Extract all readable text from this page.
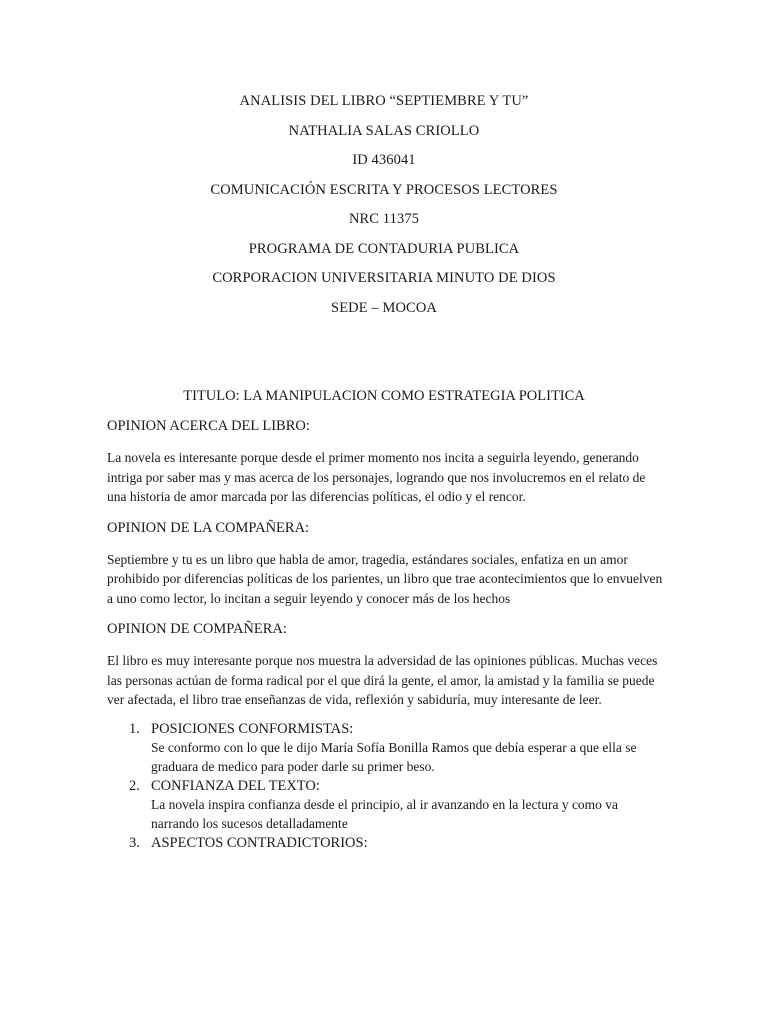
ANALISIS DEL LIBRO “SEPTIEMBRE Y TU”
NATHALIA SALAS CRIOLLO
ID 436041
COMUNICACIÓN ESCRITA Y PROCESOS LECTORES
NRC 11375
PROGRAMA DE CONTADURIA PUBLICA
CORPORACION UNIVERSITARIA MINUTO DE DIOS
SEDE – MOCOA
TITULO: LA MANIPULACION COMO ESTRATEGIA POLITICA
OPINION ACERCA DEL LIBRO:

La novela es interesante porque desde el primer momento nos incita a seguirla leyendo, generando intriga por saber mas y mas acerca de los personajes, logrando que nos involucremos en el relato de una historia de amor marcada por las diferencias políticas, el odio y el rencor.

OPINION DE LA COMPAÑERA:

Septiembre y tu es un libro que habla de amor, tragedia, estándares sociales, enfatiza en un amor prohibido por diferencias políticas de los parientes, un libro que trae acontecimientos que lo envuelven a uno como lector, lo incitan a seguir leyendo y conocer más de los hechos

OPINION DE COMPAÑERA:

El libro es muy interesante porque nos muestra la adversidad de las opiniones públicas. Muchas veces las personas actúan de forma radical por el que dirá la gente, el amor, la amistad y la familia se puede ver afectada, el libro trae enseñanzas de vida, reflexión y sabiduría, muy interesante de leer.

1. POSICIONES CONFORMISTAS:
Se conformo con lo que le dijo María Sofía Bonilla Ramos que debía esperar a que ella se graduara de medico para poder darle su primer beso.
2. CONFIANZA DEL TEXTO:
La novela inspira confianza desde el principio, al ir avanzando en la lectura y como va narrando los sucesos detalladamente
3. ASPECTOS CONTRADICTORIOS:
